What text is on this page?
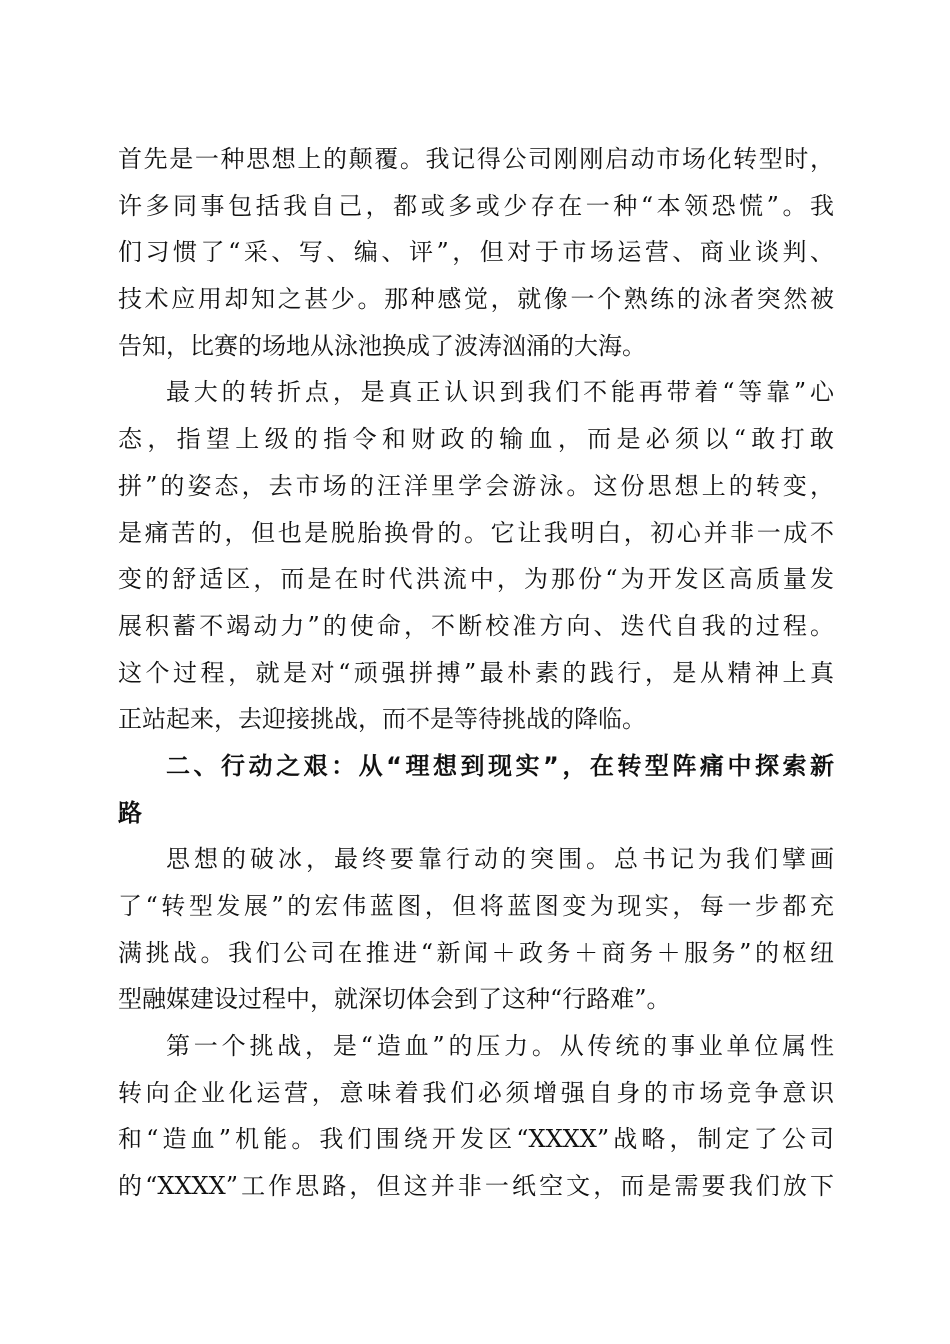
首先是一种思想上的颠覆。我记得公司刚刚启动市场化转型时，
许多同事包括我自己，都或多或少存在一种“本领恐慌”。我
们习惯了“采、写、编、评”，但对于市场运营、商业谈判、
技术应用却知之甚少。那种感觉，就像一个熟练的泳者突然被
告知，比赛的场地从泳池换成了波涛汹涌的大海。
最大的转折点，是真正认识到我们不能再带着“等靠”心
态，指望上级的指令和财政的输血，而是必须以“敢打敢
拼”的姿态，去市场的汪洋里学会游泳。这份思想上的转变，
是痛苦的，但也是脱胎换骨的。它让我明白，初心并非一成不
变的舒适区，而是在时代洪流中，为那份“为开发区高质量发
展积蓄不竭动力”的使命，不断校准方向、迭代自我的过程。
这个过程，就是对“顽强拼搏”最朴素的践行，是从精神上真
正站起来，去迎接挑战，而不是等待挑战的降临。
二、行动之艰：从“理想到现实”，在转型阵痛中探索新
路
思想的破冰，最终要靠行动的突围。总书记为我们擘画
了“转型发展”的宏伟蓝图，但将蓝图变为现实，每一步都充
满挑战。我们公司在推进“新闻＋政务＋商务＋服务”的枢纽
型融媒建设过程中，就深切体会到了这种“行路难”。
第一个挑战，是“造血”的压力。从传统的事业单位属性
转向企业化运营，意味着我们必须增强自身的市场竞争意识
和“造血”机能。我们围绕开发区“XXXX”战略，制定了公司
的“XXXX”工作思路，但这并非一纸空文，而是需要我们放下
